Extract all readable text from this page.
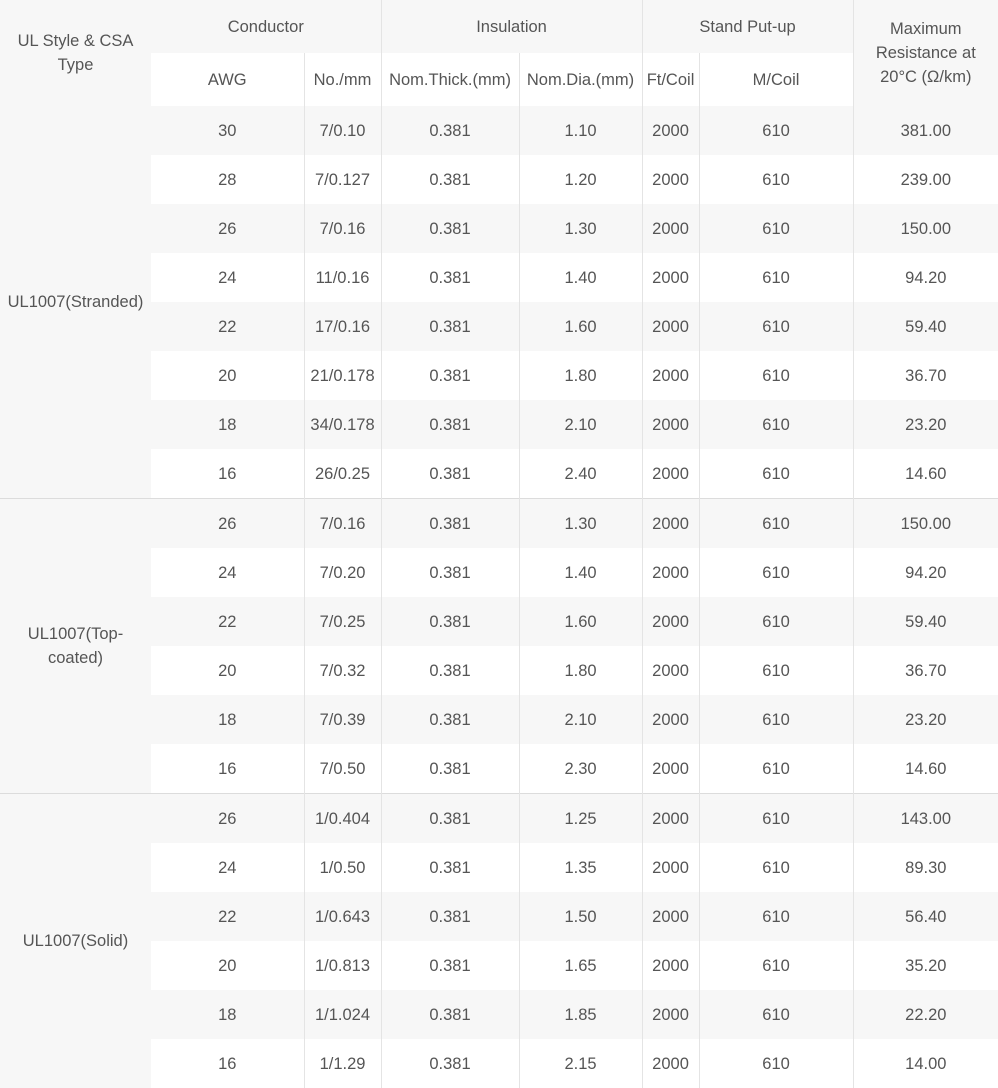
UL Style & CSA Type	Conductor		Insulation		Stand Put-up		Maximum Resistance at 20°C (Ω/km)
	AWG	No./mm	Nom.Thick.(mm)	Nom.Dia.(mm)	Ft/Coil	M/Coil	
UL1007(Stranded)	30	7/0.10	0.381	1.10	2000	610	381.00
	28	7/0.127	0.381	1.20	2000	610	239.00
	26	7/0.16	0.381	1.30	2000	610	150.00
	24	11/0.16	0.381	1.40	2000	610	94.20
	22	17/0.16	0.381	1.60	2000	610	59.40
	20	21/0.178	0.381	1.80	2000	610	36.70
	18	34/0.178	0.381	2.10	2000	610	23.20
	16	26/0.25	0.381	2.40	2000	610	14.60
UL1007(Top-coated)	26	7/0.16	0.381	1.30	2000	610	150.00
	24	7/0.20	0.381	1.40	2000	610	94.20
	22	7/0.25	0.381	1.60	2000	610	59.40
	20	7/0.32	0.381	1.80	2000	610	36.70
	18	7/0.39	0.381	2.10	2000	610	23.20
	16	7/0.50	0.381	2.30	2000	610	14.60
UL1007(Solid)	26	1/0.404	0.381	1.25	2000	610	143.00
	24	1/0.50	0.381	1.35	2000	610	89.30
	22	1/0.643	0.381	1.50	2000	610	56.40
	20	1/0.813	0.381	1.65	2000	610	35.20
	18	1/1.024	0.381	1.85	2000	610	22.20
	16	1/1.29	0.381	2.15	2000	610	14.00
